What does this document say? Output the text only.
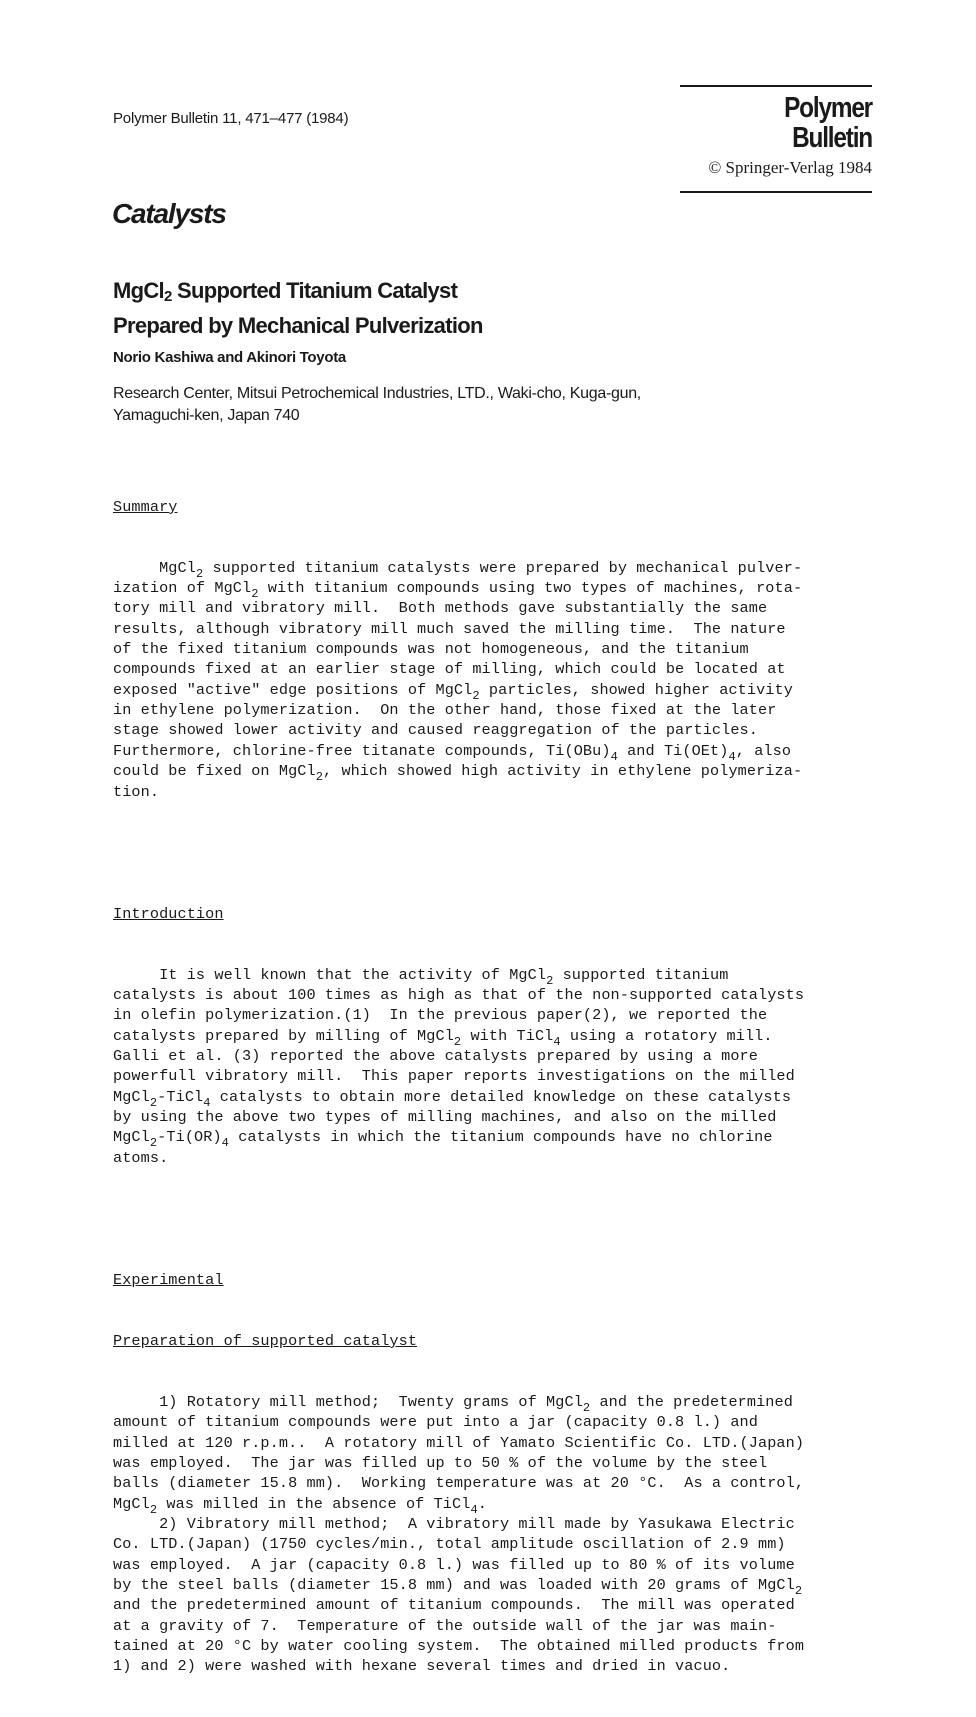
Polymer Bulletin 11, 471–477 (1984)	Polymer Bulletin
© Springer-Verlag 1984
Catalysts
MgCl$_2$ Supported Titanium Catalyst
Prepared by Mechanical Pulverization
Norio Kashiwa and Akinori Toyota
Research Center, Mitsui Petrochemical Industries, LTD., Waki-cho, Kuga-gun,
Yamaguchi-ken, Japan 740

Summary

MgCl$_2$ supported titanium catalysts were prepared by mechanical pulver-
ization of MgCl$_2$ with titanium compounds using two types of machines, rota-
tory mill and vibratory mill.  Both methods gave substantially the same
results, although vibratory mill much saved the milling time.  The nature
of the fixed titanium compounds was not homogeneous, and the titanium
compounds fixed at an earlier stage of milling, which could be located at
exposed "active" edge positions of MgCl$_2$ particles, showed higher activity
in ethylene polymerization.  On the other hand, those fixed at the later
stage showed lower activity and caused reaggregation of the particles.
Furthermore, chlorine-free titanate compounds, $Ti(OBu)_4$ and $Ti(OEt)_4$, also
could be fixed on MgCl$_2$, which showed high activity in ethylene polymeriza-
tion.

Introduction

It is well known that the activity of MgCl$_2$ supported titanium
catalysts is about 100 times as high as that of the non-supported catalysts
in olefin polymerization.(1)  In the previous paper(2), we reported the
catalysts prepared by milling of MgCl$_2$ with TiCl$_4$ using a rotatory mill.
Galli et al. (3) reported the above catalysts prepared by using a more
powerfull vibratory mill.  This paper reports investigations on the milled
MgCl$_2$-TiCl$_4$ catalysts to obtain more detailed knowledge on these catalysts
by using the above two types of milling machines, and also on the milled
$MgCl_2-Ti(OR)_4$ catalysts in which the titanium compounds have no chlorine
atoms.

Experimental

Preparation of supported catalyst

1) Rotatory mill method;  Twenty grams of MgCl$_2$ and the predetermined
amount of titanium compounds were put into a jar (capacity 0.8 l.) and
milled at 120 r.p.m..  A rotatory mill of Yamato Scientific Co. LTD.(Japan)
was employed.  The jar was filled up to 50 % of the volume by the steel
balls (diameter 15.8 mm).  Working temperature was at 20 °C.  As a control,
MgCl$_2$ was milled in the absence of TiCl$_4$.
2) Vibratory mill method;  A vibratory mill made by Yasukawa Electric
Co. LTD.(Japan) (1750 cycles/min., total amplitude oscillation of 2.9 mm)
was employed.  A jar (capacity 0.8 l.) was filled up to 80 % of its volume
by the steel balls (diameter 15.8 mm) and was loaded with 20 grams of MgCl$_2$
and the predetermined amount of titanium compounds.  The mill was operated
at a gravity of 7.  Temperature of the outside wall of the jar was main-
tained at 20 °C by water cooling system.  The obtained milled products from
1) and 2) were washed with hexane several times and dried in vacuo.
